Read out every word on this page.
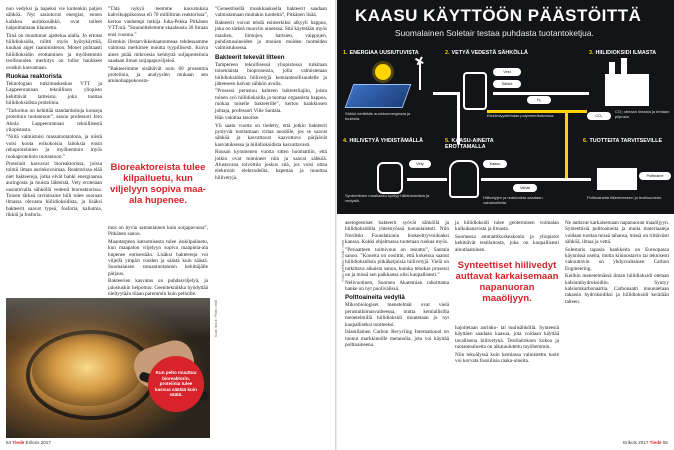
non vedyksi ja hapeksi vie kuitenkin paljon sähköä. Nyt sasiutuvat energiat, ennen kaikkea aurinkosähkö, ovat tulleet halpoittamaan tilannetta.

Tänä on muuttunut ajattelua alalla. Jo ertotat hiilidioksidia, niiltti myös hyötykäyttöä, kuuhan aiger raaministeton. Monet puhtaasti hiilidioksidin erottaminen ja myöhemmin teollisuuden merkitys on tullut haukkeet ovatkin kasvamaan.

Ruokaa reaktorista

Teknologian tutkimuskeskus VTT ja Lappeenrannan teknillinen yliopisto kehittävät laitteisto, joka tuottaa hiilidioksidista proteiinia.

”Tarkoitus on kehittää standardoituja konseja proteiinin tuotantoon”, sanoo professori Jero Ahola Lappeenrannan teknillisestä yliopistosta.

”Niitä valmistuisi massatuotantona, ja niistä voisi koota erikokoisia laitoksia ensin rehuproteiinien ja myöhemmin myös ruokaproteiinin tuotantoon.”

Proteiinit kasvavat bioreaktorissa, joissa toimii ilman aurinkovoimaa. Reaktorissa elää niet bakteereja, jotka elvät banki energiaansa auringosta ja muista lähteistä. Vety erotetaan uusiutuvalla sähköllä vedestä bioreaktorissa. Toinen tärkeä ravintoaine hiili tulee suoraan ilmassa olevasta hiilidioksidista, ja lisäksi bakteerit saavat typeä, fosforia, kaliumia, rikkiä ja fosforia.

”Tätä nykyä teemme kasvatuksia kahvikuppikoossa eli 70 millilitran reaktorissa”, kertoo vanhempi tutkija Juha-Pekka Pitkänen VTT:stä. ”Suunnittelemme skaalausta 30 litraan ensi vuonna.”

Elemkin ifestarvikkeitaatonmeaa tehdessamme valmista merkitsee muutta tyypillisesti. Kuiva aines pitää mikroesia kehityttä soljaproteiinia saadaan ilman soijapapuviljeleä.

”Bakteerimme sisältävät noin 60 prosenttia proteiinia, ja analyysien mukaan sen aminohappokoostu-

Bioreaktoreista tulee kilpailuetu, kun viljelyyn sopiva maa-ala hupenee.

mus on hyvin samanlainen kuin soijapavussa”, Pitkänen sanoo.

Maantarpeen katsomisesta tulee isokilpailuetu, kun maapalon viljelyyn sopiva maapinta-ala hupenee entisestään. Lisäksi bakteereja voi viljellä ympäri vuoden ja säästä kuin säästä. Suomalaisen rasuantuotannon kehittäjälle pärjaus.

Bakteerien kasvatus on puhdasviljelyä, ja jalostuskin helpottuu. Geenitekniikka hyödyttää nieltyytään tilaan paremmin kuin pelloille.

”Geneettisellä muokkauksella bakteerit saadaan valmistamaan muitakin tuotteita”, Pitkänen lisää.

Bakteerit voivat tehdä esimerkiksi alkyyli happoa, joka on tärkeä muoviin aineessa. Sitä käytetään myös maalien, liimojen, hartsien, vaippojen, puhdistusaineiden ja monien muiden tuotteiden valmistuksessa.

Bakteerit tekevät litteen

Tampereen teknillisessä yliopistossa tutkitaan toisenlaista bioprosessia, jolla valmistetaan hiilidioksidista hiilivetyjä kemianteollisuudelle ja jätteeseen halvan sähkön avulla.

”Prosessi perustuu kahteen bakteerilajiin, joista toinen syö hiilidioksidia ja tuottaa orgaanista happoa, ruokaa toiselle bakteerille”, kertoo baakkiosen johtaja, professori Ville Santala.

Hän valottaa tasoitse.

Yli saatu vuotta on tiedetty, että jotkin bakteerit pystyvät tuottamaan virtaa anodille, jos se saavat sähköä ja kasvattavat kaavottava pärjäävät kasvatuksessa ja hiilidioksidista kasvattavasti.

Ruusan kymmenen vuotta sitten huomattiin, että jotkin ovat toimineet niin ja saavat sähköä. Alustavana toivottiin joskus sitä, jos voisi ottaa elektronit elektrodeilta, hapettaa ja muuttaa hiilivetyjä.

Kun pelto muuttuu bioreaktorin, proteiinia tulee kasvua säätää kuin säätä.
Kuva: Istock / Photo credit
54 Tiede Erikois 2017
KAASU KÄYTTÖÖN PÄÄSTÖITTÄ
Suomalainen Soletair testaa puhdasta tuotantoketjua.
1. ENERGIAA UUSIUTUVISTA
Sähkö kerätään aurinkoenergiasta ja tuulesta.
2. VETYÄ VEDESTÄ SÄHKÖLLÄ
Vesi
Sähkö
H₂
Elektrolyysitehdas polymeerikalvossa.
3. HIILIDIOKSIDI ILMASTA
CO₂
CO₂ otetaan ilmasta ja tehtaan piipusta.
4. HIILIVETYÄ YHDISTÄMÄLLÄ
Synteettinen maakaasu syntyy hiilidioksidista ja vedystä.
Vety
5. KAASU-AINEITA EROTTAMALLA
Kaasu
Vahat
Hiilivetyjen ja reaktorista saadaan vahatuotteita.
6. TUOTTEITA TARVITSEVILLE
Polttoaine
Polttoaineita liikenteeseen ja teollisuuteen.
Kuva: grafiikka / Solar / credit

asetogeeniset bakteerit syövät sähköllä ja hiilidioksidilla yhteistyössä tuotanlaisesti. Niin Nordiskt Foundationin biokeeltryvoidoaksi kanssa. Kokki ohjelmassa tuotetaan ruokaa myös.

”Periaatteen toimivuus on testattu”, Santala sanoo. ”Koneita on oosittin, että kokeissa saanut hiilidioksidista pitkäketjuisia hiilivetyjä. Vielä on tutkittava aikaista sanoa, kuinka tehokas prosessi on ja missä sen paikkansa olisi kaupallisesti.”

Nelivuotinen, Suomen Akatemian rahoittama hanke on nyt puolivälissä.

Polttoaineita vedyllä

Mikrobiologiset menetelmät ovat vielä perustutkimusvaiheessa, mutta kemiallisilla menetelmillä hiilidioksidi muutetaan jo nyt kaupalliseksi tuotteeksi.

Islantilainen Carbon Recycling International on tuonut markkinoille metanolia, jota voi käyttää polttoaineena.

ja hiilidioksidi tulee geotermisen voimalan kulkukanavista ja ilmasta.

Suomessa ammattikorkeakoulu ja yliopistot kehittävät testilaitosta, joka on kaupallisesti ainutlaatuinen.

Synteettiset hiilivedyt auttavat karkaisemaan napanuoran maaöljyyn.

hajoitetaan aurinko- tai tuulisähköllä. Synteesiä käyttäen saadaan kaasua, jota voidaan käyttää tavallisena hiilivetynä. Testilaitoksen kokoa ja tuotantoaluetta on aikataulutettu myöhemmin.

Niin tekoälyssä kuin kemiassa valmistettu tuote voi korvata fossiilisia raaka-aineita.

Ne auttavat karkaisemaan napanuoran maaöljyyn. Synteettisiä polttoaineita ja muita materiaaleja voidaan tuottaa missä tahansa, missä on riittävästi sähköä, ilmaa ja vettä.

Solestaris tapasia hankkeita on Euroopassa käynnissä useita, mutta kiinnostavin tai teknisesti vakuuttavin on yhdysvaltainen Carbon Engineering.

Keithin menetelmässä ilman hiilidioksidi otetaan kalsiumhydroksidiin. Syntyy kalsiumkarbonaattia. Carbonaatti muunnetaan takaisin hydroksidiksi ja hiilidioksidi kerätään talteen.

Erikois 2017 Tiede 55
